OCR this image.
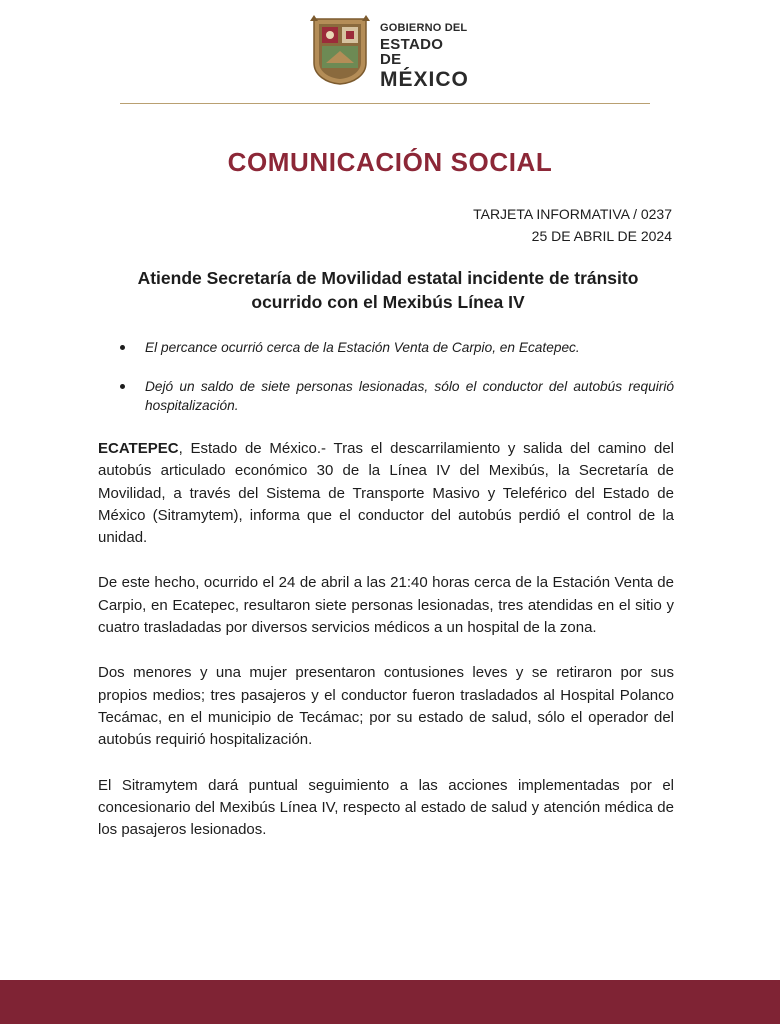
GOBIERNO DEL
ESTADO DE
MÉXICO
COMUNICACIÓN SOCIAL
TARJETA INFORMATIVA / 0237
25 DE ABRIL DE 2024
Atiende Secretaría de Movilidad estatal incidente de tránsito ocurrido con el Mexibús Línea IV
El percance ocurrió cerca de la Estación Venta de Carpio, en Ecatepec.
Dejó un saldo de siete personas lesionadas, sólo el conductor del autobús requirió hospitalización.

ECATEPEC, Estado de México.- Tras el descarrilamiento y salida del camino del autobús articulado económico 30 de la Línea IV del Mexibús, la Secretaría de Movilidad, a través del Sistema de Transporte Masivo y Teleférico del Estado de México (Sitramytem), informa que el conductor del autobús perdió el control de la unidad.

De este hecho, ocurrido el 24 de abril a las 21:40 horas cerca de la Estación Venta de Carpio, en Ecatepec, resultaron siete personas lesionadas, tres atendidas en el sitio y cuatro trasladadas por diversos servicios médicos a un hospital de la zona.

Dos menores y una mujer presentaron contusiones leves y se retiraron por sus propios medios; tres pasajeros y el conductor fueron trasladados al Hospital Polanco Tecámac, en el municipio de Tecámac; por su estado de salud, sólo el operador del autobús requirió hospitalización.

El Sitramytem dará puntual seguimiento a las acciones implementadas por el concesionario del Mexibús Línea IV, respecto al estado de salud y atención médica de los pasajeros lesionados.
